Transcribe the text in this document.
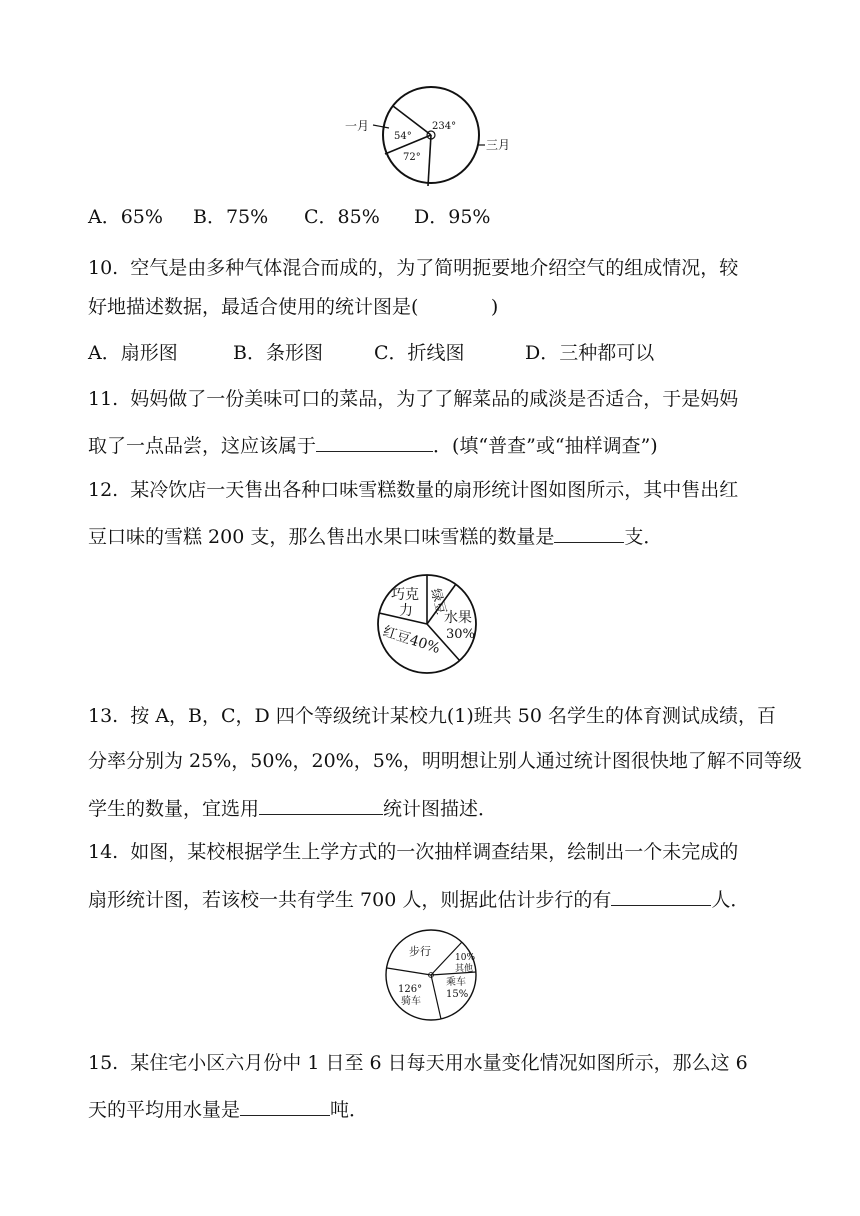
一月
三月
54°
234°
72°
A．65% B．75% C．85% D．95%
10.  空气是由多种气体混合而成的，为了简明扼要地介绍空气的组成情况，较
好地描述数据，最适合使用的统计图是(            )
A．扇形图	B．条形图	C．折线图	D．三种都可以
11.  妈妈做了一份美味可口的菜品，为了了解菜品的咸淡是否适合，于是妈妈
取了一点品尝，这应该属于	．(填“普查”或“抽样调查”)
12.  某冷饮店一天售出各种口味雪糕数量的扇形统计图如图所示，其中售出红
豆口味的雪糕 200 支，那么售出水果口味雪糕的数量是	支．
巧克
力 绿豆
水果
30%
红豆40%
13.  按 A，B，C，D 四个等级统计某校九(1)班共 50 名学生的体育测试成绩，百
分率分别为 25%，50%，20%，5%，明明想让别人通过统计图很快地了解不同等级
学生的数量，宜选用	统计图描述．
14.  如图，某校根据学生上学方式的一次抽样调查结果，绘制出一个未完成的
扇形统计图，若该校一共有学生 700 人，则据此估计步行的有	人．
步行	10%
其他
乘车
15%
126°
骑车
15.  某住宅小区六月份中 1 日至 6 日每天用水量变化情况如图所示，那么这 6
天的平均用水量是	吨．
